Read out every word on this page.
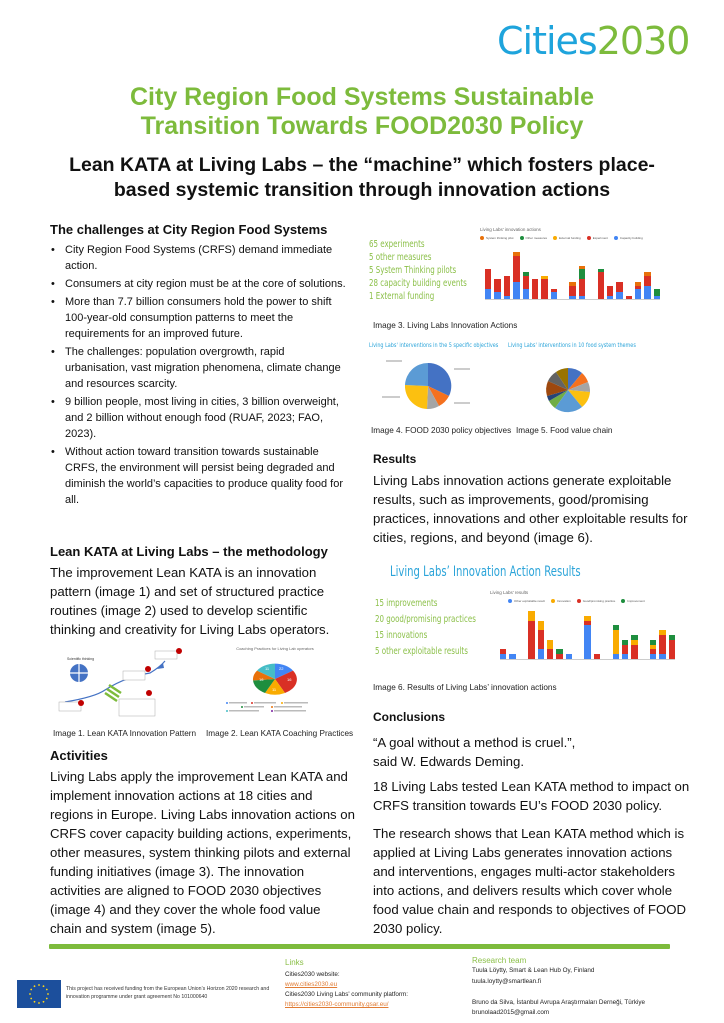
Cities2030
City Region Food Systems Sustainable
Transition Towards FOOD2030 Policy
Lean KATA at Living Labs – the “machine” which fosters place-
based systemic transition through innovation actions
The challenges at City Region Food Systems
• City Region Food Systems (CRFS) demand immediate action.
• Consumers at city region must be at the core of solutions.
• More than 7.7 billion consumers hold the power to shift 100-year-old consumption patterns to meet the requirements for an improved future.
• The challenges: population overgrowth, rapid urbanisation, vast migration phenomena, climate change and resources scarcity.
• 9 billion people, most living in cities, 3 billion overweight, and 2 billion without enough food (RUAF, 2023; FAO, 2023).
• Without action toward transition towards sustainable CRFS, the environment will persist being degraded and diminish the world’s capacities to produce quality food for all.
Lean KATA at Living Labs – the methodology
The improvement Lean KATA is an innovation pattern (image 1) and set of structured practice routines (image 2) used to develop scientific thinking and creativity for Living Labs operators.
Scientific thinking
Image 1. Lean KATA Innovation Pattern
Coaching Practices for Living Lab operators
22
16
11
16
11
Image 2. Lean KATA Coaching Practices
Activities
Living Labs apply the improvement Lean KATA and implement innovation actions at 18 cities and regions in Europe. Living Labs innovation actions on CRFS cover capacity building actions, experiments, other measures, system thinking pilots and external funding initiatives (image 3). The innovation activities are aligned to FOOD 2030 objectives (image 4) and they cover the whole food value chain and system (image 5).
65 experiments
5 other measures
5 System Thinking pilots
28 capacity building events
1 External funding
Living Labs' innovation actions
System thinking pilot	Other measures	External funding	Experiment	Capacity building
Image 3. Living Labs Innovation Actions
Living Labs' interventions in the 5 specific objectives Living Labs' interventions in 10 food system themes
Image 4. FOOD 2030 policy objectives Image 5. Food value chain
Results
Living Labs innovation actions generate exploitable results, such as improvements, good/promising practices, innovations and other exploitable results for cities, regions, and beyond (image 6).
Living Labs’ Innovation Action Results
15 improvements
20 good/promising practices
15 innovations
5 other exploitable results
Living Labs' results
Other exploitable result	Innovation	Good/promising practice	Improvement
Image 6. Results of Living Labs’ innovation actions
Conclusions
“A goal without a method is cruel.”,
said W. Edwards Deming.
18 Living Labs tested Lean KATA method to impact on CRFS transition towards EU’s FOOD 2030 policy.
The research shows that Lean KATA method which is applied at Living Labs generates innovation actions and interventions, engages multi-actor stakeholders into actions, and delivers results which cover whole food value chain and responds to objectives of FOOD 2030 policy.
This project has received funding from the European Union’s Horizon 2020 research and innovation programme under grant agreement No 101000640
Links
Cities2030 website:
www.cities2030.eu
Cities2030 Living Labs' community platform:
https://cities2030-community.gsar.eu/
Research team
Tuula Löytty, Smart & Lean Hub Oy, Finland
tuula.loytty@smartlean.fi
Bruno da Silva, İstanbul Avrupa Araştırmaları Derneği, Türkiye
brunolaad2015@gmail.com
